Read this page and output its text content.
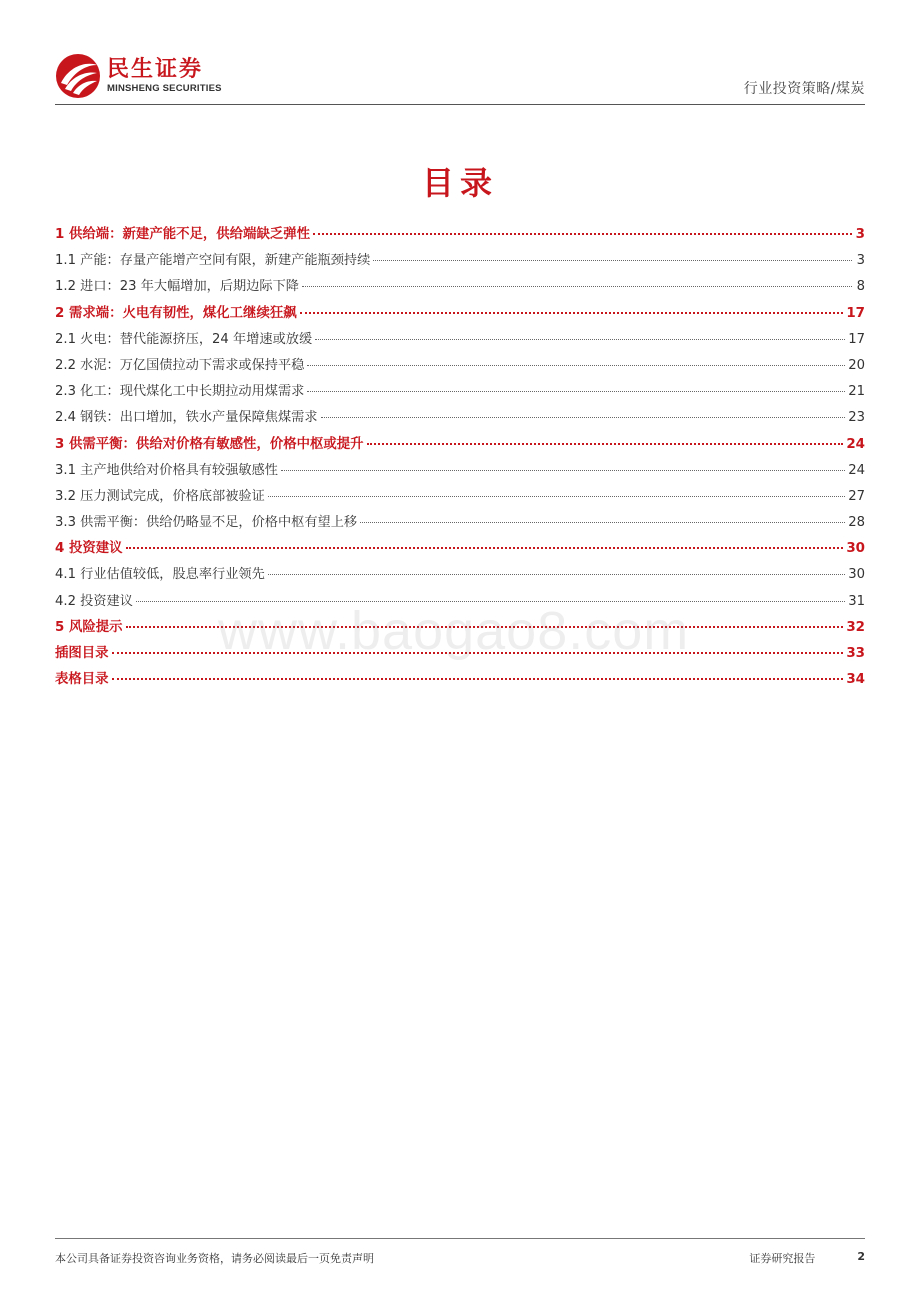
民生证券
MINSHENG SECURITIES	行业投资策略/煤炭
目录
1 供给端：新建产能不足，供给端缺乏弹性	3
1.1 产能：存量产能增产空间有限，新建产能瓶颈持续	3
1.2 进口：23 年大幅增加，后期边际下降	8
2 需求端：火电有韧性，煤化工继续狂飙	17
2.1 火电：替代能源挤压，24 年增速或放缓	17
2.2 水泥：万亿国债拉动下需求或保持平稳	20
2.3 化工：现代煤化工中长期拉动用煤需求	21
2.4 钢铁：出口增加，铁水产量保障焦煤需求	23
3 供需平衡：供给对价格有敏感性，价格中枢或提升	24
3.1 主产地供给对价格具有较强敏感性	24
3.2 压力测试完成，价格底部被验证	27
3.3 供需平衡：供给仍略显不足，价格中枢有望上移	28
4 投资建议	30
4.1 行业估值较低，股息率行业领先	30
4.2 投资建议	31
5 风险提示	32
插图目录	33
表格目录	34
www.baogao8.com
本公司具备证券投资咨询业务资格，请务必阅读最后一页免责声明	证券研究报告	2
